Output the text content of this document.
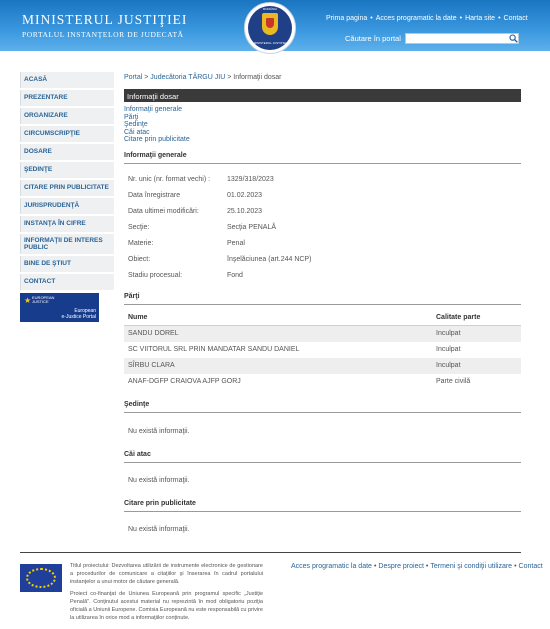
MINISTERUL JUSTIŢIEI
PORTALUL INSTANŢELOR DE JUDECATĂ
ROMÂNIA
MINISTERUL JUSTIŢIEI
Prima pagina • Acces programatic la date • Harta site • Contact
Căutare în portal
ACASĂ
PREZENTARE
ORGANIZARE
CIRCUMSCRIPŢIE
DOSARE
ŞEDINŢE
CITARE PRIN PUBLICITATE
JURISPRUDENŢĂ
INSTANŢA ÎN CIFRE
INFORMAŢII DE INTERES PUBLIC
BINE DE ŞTIUT
CONTACT
★ EUROPEAN
JUSTICE
European
e-Justice Portal
Portal > Judecătoria TÂRGU JIU > Informaţii dosar
Informaţii dosar
Informaţii generale
Părţi
Şedinţe
Căi atac
Citare prin publicitate
Informaţii generale
Nr. unic (nr. format vechi) : 1329/318/2023
Data înregistrare	01.02.2023
Data ultimei modificări:	25.10.2023
Secţie:	Secţia PENALĂ
Materie:	Penal
Obiect:	înşelăciunea (art.244 NCP)
Stadiu procesual:	Fond
Părţi
Nume	Calitate parte
SANDU DOREL	Inculpat
SC VIITORUL SRL PRIN MANDATAR SANDU DANIEL	Inculpat
SÎRBU CLARA	Inculpat
ANAF-DGFP CRAIOVA AJFP GORJ	Parte civilă
Şedinţe
Nu există informaţii.
Căi atac
Nu există informaţii.
Citare prin publicitate
Nu există informaţii.

Titlul proiectului: Dezvoltarea utilizării de instrumente electronice de gestionare a procedurilor de comunicare a citaţiilor şi înserarea în cadrul portalului instanţelor a unui motor de căutare generală.

Proiect co-finanţat de Uniunea Europeană prin programul specific „Justiţie Penală". Conţinutul acestui material nu reprezintă în mod obligatoriu poziţia oficială a Uniunii Europene. Comisia Europeană nu este responsabilă cu privire la utilizarea în orice mod a informaţiilor conţinute.

Acces programatic la date • Despre proiect • Termeni şi condiţii utilizare • Contact
